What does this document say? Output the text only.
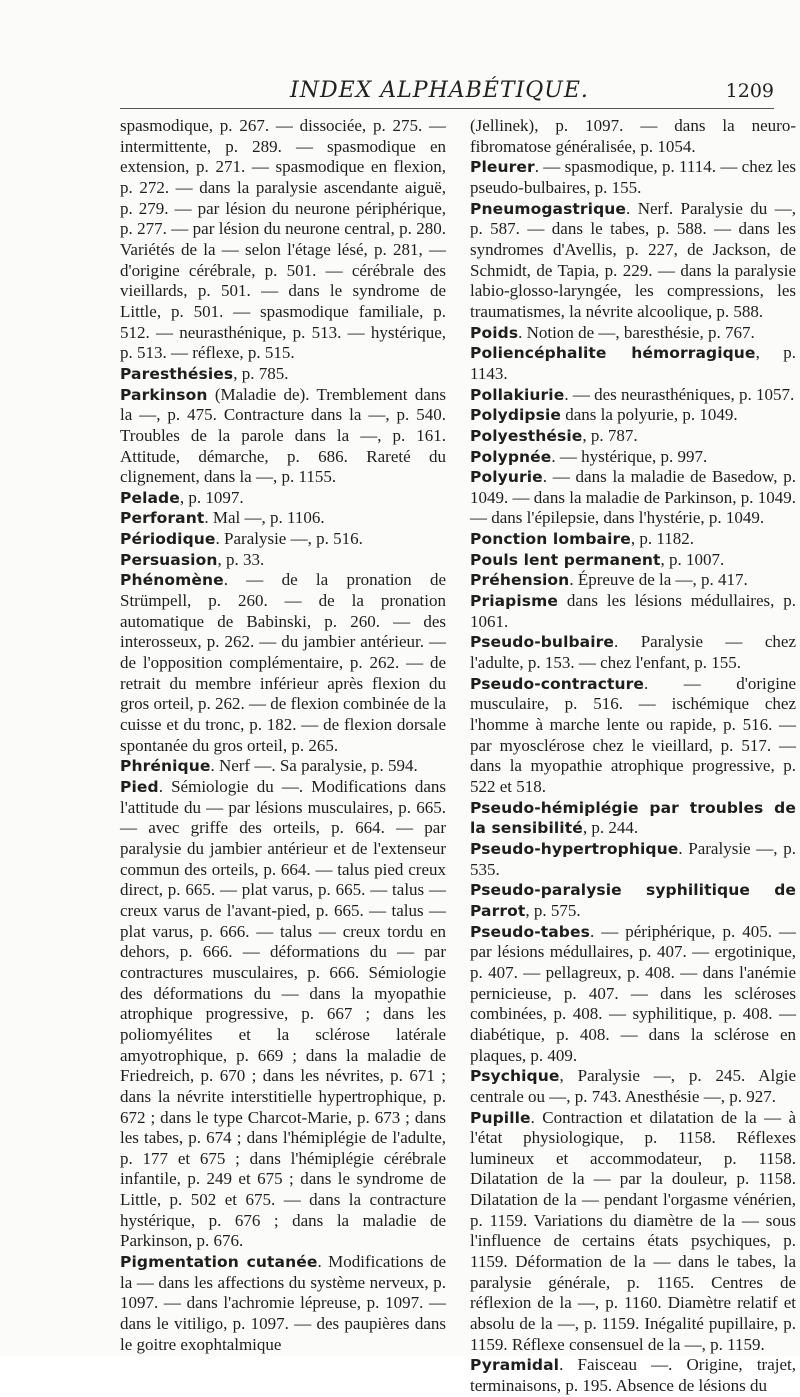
INDEX ALPHABÉTIQUE.	1209

spasmodique, p. 267. — dissociée, p. 275. — intermittente, p. 289. — spasmodique en extension, p. 271. — spasmodique en flexion, p. 272. — dans la paralysie ascendante aiguë, p. 279. — par lésion du neurone périphérique, p. 277. — par lésion du neurone central, p. 280. Variétés de la — selon l'étage lésé, p. 281, — d'origine cérébrale, p. 501. — cérébrale des vieillards, p. 501. — dans le syndrome de Little, p. 501. — spasmodique familiale, p. 512. — neurasthénique, p. 513. — hystérique, p. 513. — réflexe, p. 515.

Paresthésies, p. 785.

Parkinson (Maladie de). Tremblement dans la —, p. 475. Contracture dans la —, p. 540. Troubles de la parole dans la —, p. 161. Attitude, démarche, p. 686. Rareté du clignement, dans la —, p. 1155.

Pelade, p. 1097.

Perforant. Mal —, p. 1106.

Périodique. Paralysie —, p. 516.

Persuasion, p. 33.

Phénomène. — de la pronation de Strümpell, p. 260. — de la pronation automatique de Babinski, p. 260. — des interosseux, p. 262. — du jambier antérieur. — de l'opposition complémentaire, p. 262. — de retrait du membre inférieur après flexion du gros orteil, p. 262. — de flexion combinée de la cuisse et du tronc, p. 182. — de flexion dorsale spontanée du gros orteil, p. 265.

Phrénique. Nerf —. Sa paralysie, p. 594.

Pied. Sémiologie du —. Modifications dans l'attitude du — par lésions musculaires, p. 665. — avec griffe des orteils, p. 664. — par paralysie du jambier antérieur et de l'extenseur commun des orteils, p. 664. — talus pied creux direct, p. 665. — plat varus, p. 665. — talus — creux varus de l'avant-pied, p. 665. — talus — plat varus, p. 666. — talus — creux tordu en dehors, p. 666. — déformations du — par contractures musculaires, p. 666. Sémiologie des déformations du — dans la myopathie atrophique progressive, p. 667 ; dans les poliomyélites et la sclérose latérale amyotrophique, p. 669 ; dans la maladie de Friedreich, p. 670 ; dans les névrites, p. 671 ; dans la névrite interstitielle hypertrophique, p. 672 ; dans le type Charcot-Marie, p. 673 ; dans les tabes, p. 674 ; dans l'hémiplégie de l'adulte, p. 177 et 675 ; dans l'hémiplégie cérébrale infantile, p. 249 et 675 ; dans le syndrome de Little, p. 502 et 675. — dans la contracture hystérique, p. 676 ; dans la maladie de Parkinson, p. 676.

Pigmentation cutanée. Modifications de la — dans les affections du système nerveux, p. 1097. — dans l'achromie lépreuse, p. 1097. — dans le vitiligo, p. 1097. — des paupières dans le goitre exophtalmique

(Jellinek), p. 1097. — dans la neuro-fibromatose généralisée, p. 1054.

Pleurer. — spasmodique, p. 1114. — chez les pseudo-bulbaires, p. 155.

Pneumogastrique. Nerf. Paralysie du —, p. 587. — dans le tabes, p. 588. — dans les syndromes d'Avellis, p. 227, de Jackson, de Schmidt, de Tapia, p. 229. — dans la paralysie labio-glosso-laryngée, les compressions, les traumatismes, la névrite alcoolique, p. 588.

Poids. Notion de —, baresthésie, p. 767.

Poliencéphalite hémorragique, p. 1143.

Pollakiurie. — des neurasthéniques, p. 1057.

Polydipsie dans la polyurie, p. 1049.

Polyesthésie, p. 787.

Polypnée. — hystérique, p. 997.

Polyurie. — dans la maladie de Basedow, p. 1049. — dans la maladie de Parkinson, p. 1049. — dans l'épilepsie, dans l'hystérie, p. 1049.

Ponction lombaire, p. 1182.

Pouls lent permanent, p. 1007.

Préhension. Épreuve de la —, p. 417.

Priapisme dans les lésions médullaires, p. 1061.

Pseudo-bulbaire. Paralysie — chez l'adulte, p. 153. — chez l'enfant, p. 155.

Pseudo-contracture. — d'origine musculaire, p. 516. — ischémique chez l'homme à marche lente ou rapide, p. 516. — par myosclérose chez le vieillard, p. 517. — dans la myopathie atrophique progressive, p. 522 et 518.

Pseudo-hémiplégie par troubles de la sensibilité, p. 244.

Pseudo-hypertrophique. Paralysie —, p. 535.

Pseudo-paralysie syphilitique de Parrot, p. 575.

Pseudo-tabes. — périphérique, p. 405. — par lésions médullaires, p. 407. — ergotinique, p. 407. — pellagreux, p. 408. — dans l'anémie pernicieuse, p. 407. — dans les scléroses combinées, p. 408. — syphilitique, p. 408. — diabétique, p. 408. — dans la sclérose en plaques, p. 409.

Psychique, Paralysie —, p. 245. Algie centrale ou —, p. 743. Anesthésie —, p. 927.

Pupille. Contraction et dilatation de la — à l'état physiologique, p. 1158. Réflexes lumineux et accommodateur, p. 1158. Dilatation de la — par la douleur, p. 1158. Dilatation de la — pendant l'orgasme vénérien, p. 1159. Variations du diamètre de la — sous l'influence de certains états psychiques, p. 1159. Déformation de la — dans le tabes, la paralysie générale, p. 1165. Centres de réflexion de la —, p. 1160. Diamètre relatif et absolu de la —, p. 1159. Inégalité pupillaire, p. 1159. Réflexe consensuel de la —, p. 1159.

Pyramidal. Faisceau —. Origine, trajet, terminaisons, p. 195. Absence de lésions du
